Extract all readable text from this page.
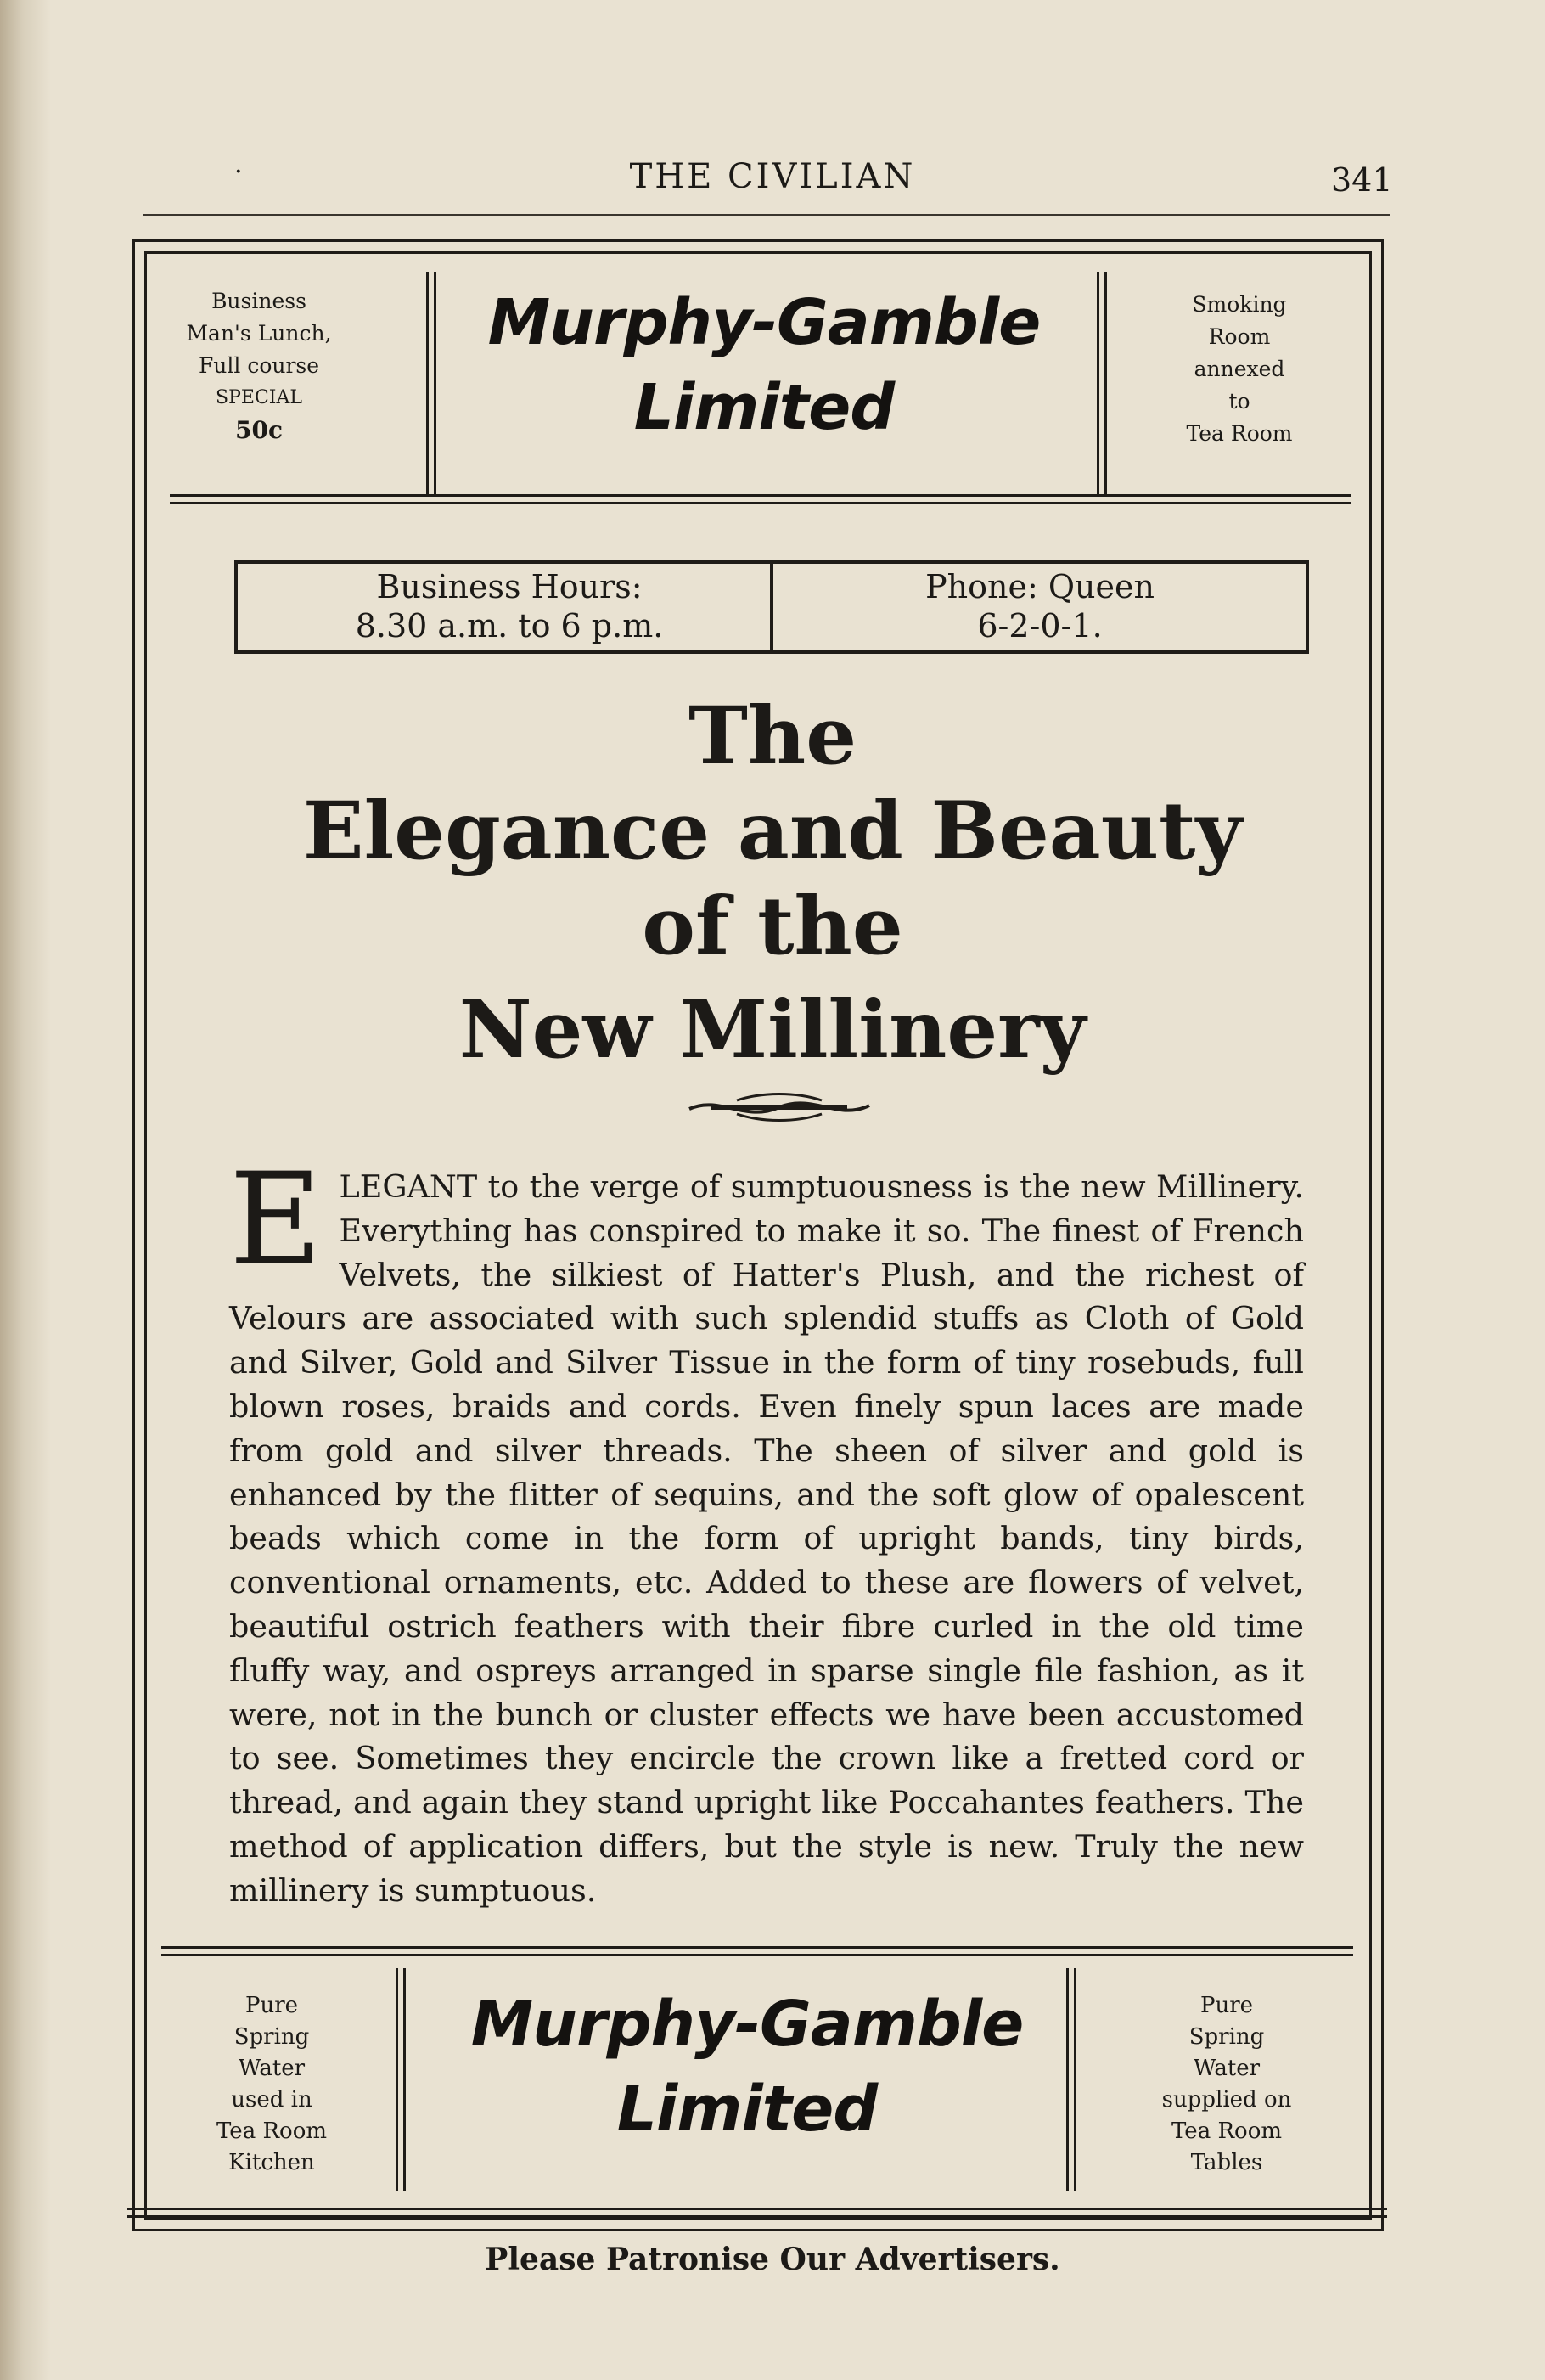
.	THE CIVILIAN	341
Business
Man's Lunch,
Full course
SPECIAL
50c
Murphy-Gamble
Limited
Smoking
Room
annexed
to
Tea Room
Business Hours:
8.30 a.m. to 6 p.m.
Phone: Queen
6-2-0-1.
The
Elegance and Beauty
of the
New Millinery
ELEGANT to the verge of sumptuousness is the new Millinery. Everything has conspired to make it so. The finest of French Velvets, the silkiest of Hatter's Plush, and the richest of Velours are associated with such splendid stuffs as Cloth of Gold and Silver, Gold and Silver Tissue in the form of tiny rosebuds, full blown roses, braids and cords. Even finely spun laces are made from gold and silver threads. The sheen of silver and gold is enhanced by the flitter of sequins, and the soft glow of opalescent beads which come in the form of upright bands, tiny birds, conventional ornaments, etc. Added to these are flowers of velvet, beautiful ostrich feathers with their fibre curled in the old time fluffy way, and ospreys arranged in sparse single file fashion, as it were, not in the bunch or cluster effects we have been accustomed to see. Sometimes they encircle the crown like a fretted cord or thread, and again they stand upright like Poccahantes feathers. The method of application differs, but the style is new. Truly the new millinery is sumptuous.
Pure
Spring
Water
used in
Tea Room
Kitchen
Murphy-Gamble
Limited
Pure
Spring
Water
supplied on
Tea Room
Tables
Please Patronise Our Advertisers.
